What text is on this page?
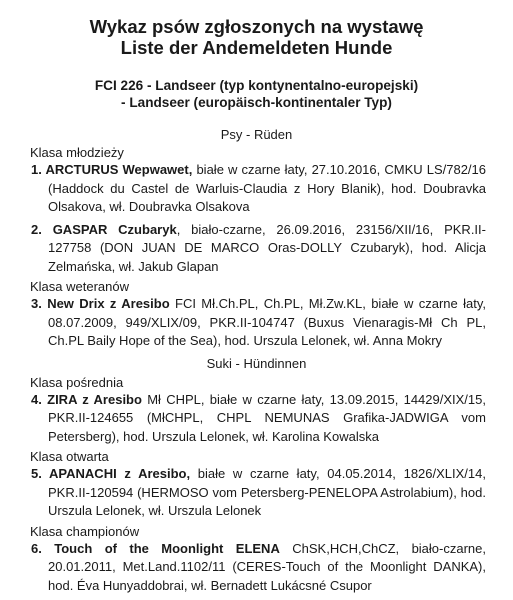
Wykaz psów zgłoszonych na wystawę
Liste der Andemeldeten Hunde
FCI 226 - Landseer (typ kontynentalno-europejski)
- Landseer (europäisch-kontinentaler Typ)
Psy - Rüden
Klasa młodzieży
1. ARCTURUS Wepwawet, białe w czarne łaty, 27.10.2016, CMKU LS/782/16 (Haddock du Castel de Warluis-Claudia z Hory Blanik), hod. Doubravka Olsakova, wł. Doubravka Olsakova
2. GASPAR Czubaryk, biało-czarne, 26.09.2016, 23156/XII/16, PKR.II-127758 (DON JUAN DE MARCO Oras-DOLLY Czubaryk), hod. Alicja Zelmańska, wł. Jakub Glapan
Klasa weteranów
3. New Drix z Aresibo FCI Mł.Ch.PL, Ch.PL, Mł.Zw.KL, białe w czarne łaty, 08.07.2009, 949/XLIX/09, PKR.II-104747 (Buxus Vienaragis-Mł Ch PL, Ch.PL Baily Hope of the Sea), hod. Urszula Lelonek, wł. Anna Mokry
Suki - Hündinnen
Klasa pośrednia
4. ZIRA z Aresibo Mł CHPL, białe w czarne łaty, 13.09.2015, 14429/XIX/15, PKR.II-124655 (MłCHPL, CHPL NEMUNAS Grafika-JADWIGA vom Petersberg), hod. Urszula Lelonek, wł. Karolina Kowalska
Klasa otwarta
5. APANACHI z Aresibo, białe w czarne łaty, 04.05.2014, 1826/XLIX/14, PKR.II-120594 (HERMOSO vom Petersberg-PENELOPA Astrolabium), hod. Urszula Lelonek, wł. Urszula Lelonek
Klasa championów
6. Touch of the Moonlight ELENA ChSK,HCH,ChCZ, biało-czarne, 20.01.2011, Met.Land.1102/11 (CERES-Touch of the Moonlight DANKA), hod. Éva Hunyaddobrai, wł. Bernadett Lukácsné Csupor
